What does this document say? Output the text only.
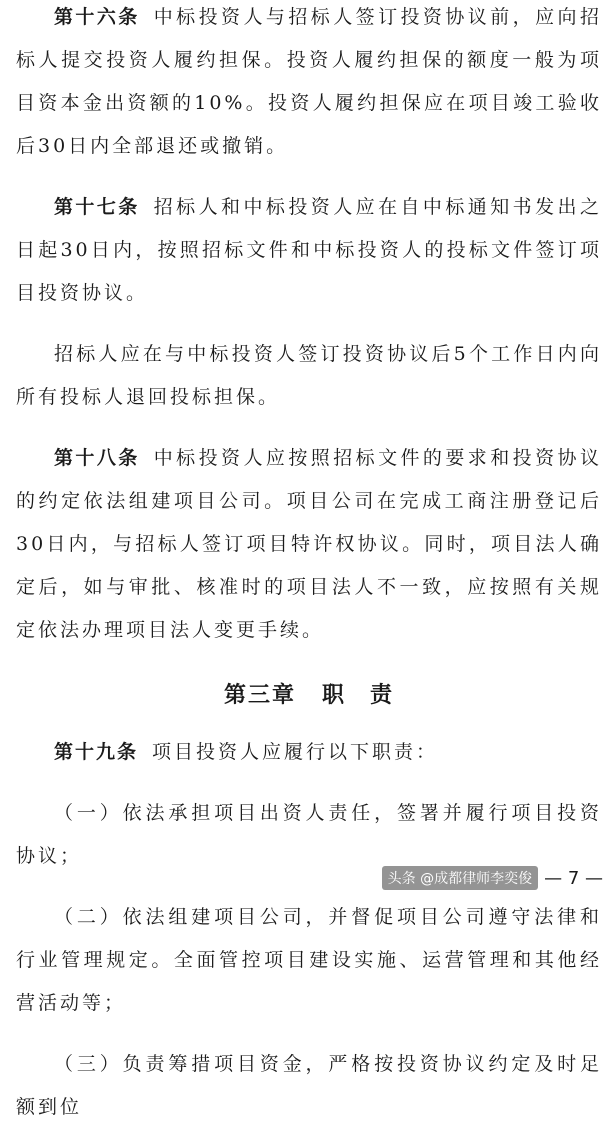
第十六条 中标投资人与招标人签订投资协议前，应向招标人提交投资人履约担保。投资人履约担保的额度一般为项目资本金出资额的10%。投资人履约担保应在项目竣工验收后30日内全部退还或撤销。

第十七条 招标人和中标投资人应在自中标通知书发出之日起30日内，按照招标文件和中标投资人的投标文件签订项目投资协议。

招标人应在与中标投资人签订投资协议后5个工作日内向所有投标人退回投标担保。

第十八条 中标投资人应按照招标文件的要求和投资协议的约定依法组建项目公司。项目公司在完成工商注册登记后30日内，与招标人签订项目特许权协议。同时，项目法人确定后，如与审批、核准时的项目法人不一致，应按照有关规定依法办理项目法人变更手续。

第三章 职　责

第十九条 项目投资人应履行以下职责：

（一）依法承担项目出资人责任，签署并履行项目投资协议；

（二）依法组建项目公司，并督促项目公司遵守法律和行业管理规定。全面管控项目建设实施、运营管理和其他经营活动等；

（三）负责筹措项目资金，严格按投资协议约定及时足额到位

头条 @成都律师李奕俊 — 7 —
